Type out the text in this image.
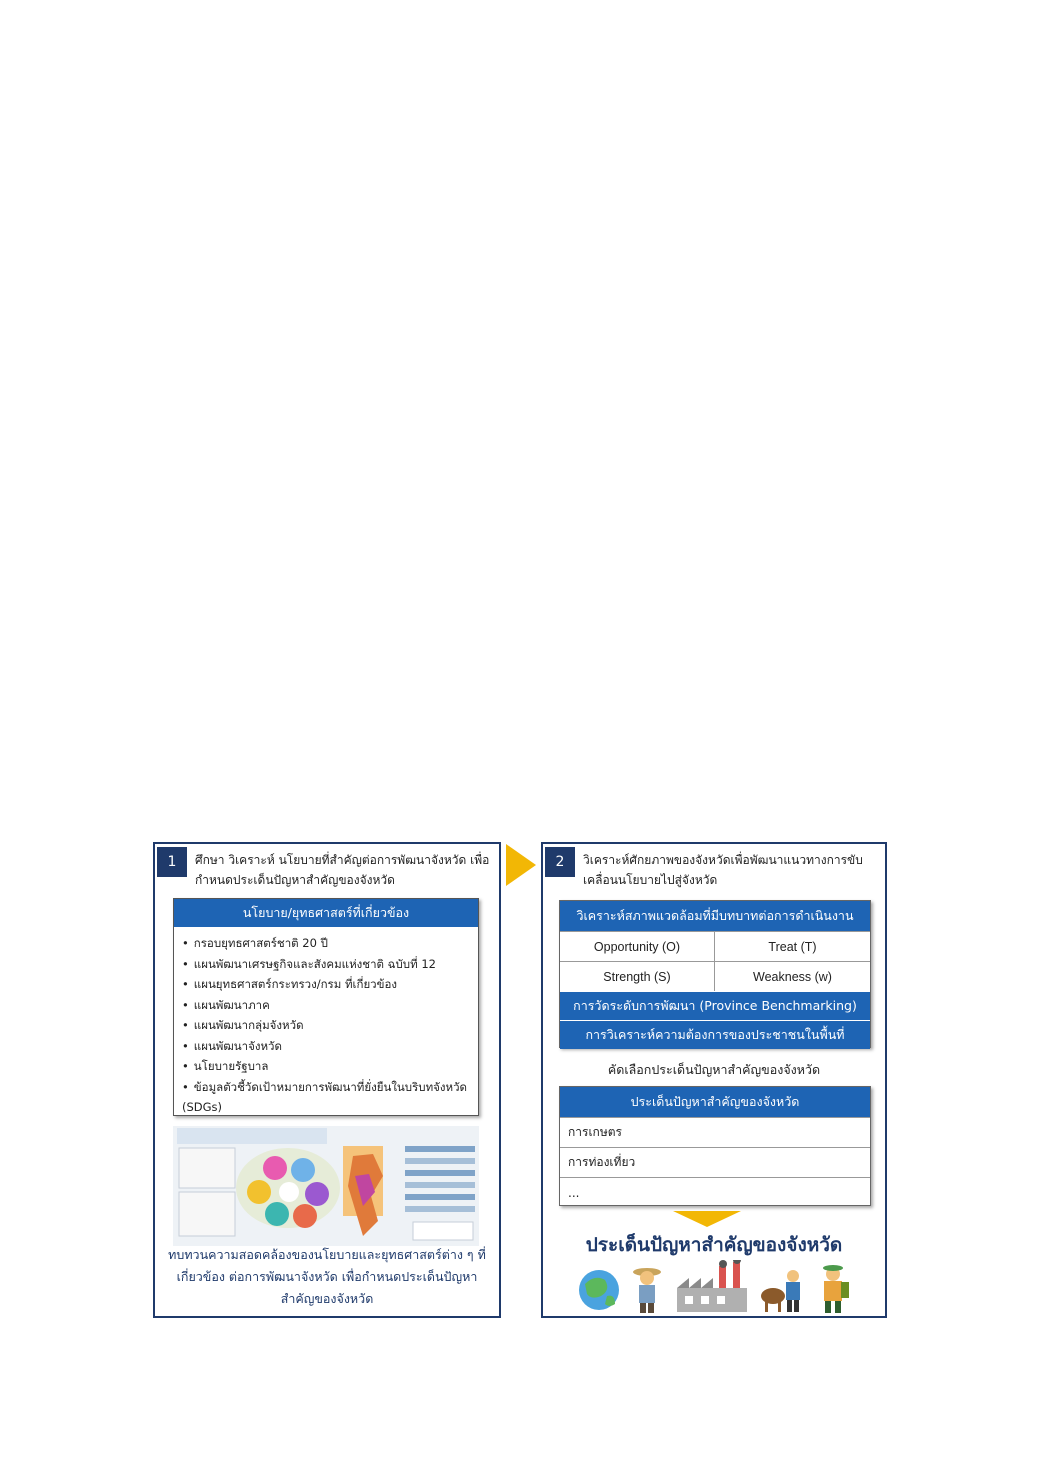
1	ศึกษา วิเคราะห์ นโยบายที่สำคัญต่อการพัฒนาจังหวัด เพื่อกำหนดประเด็นปัญหาสำคัญของจังหวัด
นโยบาย/ยุทธศาสตร์ที่เกี่ยวข้อง
• กรอบยุทธศาสตร์ชาติ 20 ปี
• แผนพัฒนาเศรษฐกิจและสังคมแห่งชาติ ฉบับที่ 12
• แผนยุทธศาสตร์กระทรวง/กรม ที่เกี่ยวข้อง
• แผนพัฒนาภาค
• แผนพัฒนากลุ่มจังหวัด
• แผนพัฒนาจังหวัด
• นโยบายรัฐบาล
• ข้อมูลตัวชี้วัดเป้าหมายการพัฒนาที่ยั่งยืนในบริบทจังหวัด (SDGs)
ทบทวนความสอดคล้องของนโยบายและยุทธศาสตร์ต่าง ๆ ที่เกี่ยวข้อง ต่อการพัฒนาจังหวัด เพื่อกำหนดประเด็นปัญหาสำคัญของจังหวัด
2	วิเคราะห์ศักยภาพของจังหวัดเพื่อพัฒนาแนวทางการขับเคลื่อนนโยบายไปสู่จังหวัด
วิเคราะห์สภาพแวดล้อมที่มีบทบาทต่อการดำเนินงาน
Opportunity (O)	Treat (T)
Strength (S)	Weakness (w)
การวัดระดับการพัฒนา (Province Benchmarking)
การวิเคราะห์ความต้องการของประชาชนในพื้นที่
คัดเลือกประเด็นปัญหาสำคัญของจังหวัด
ประเด็นปัญหาสำคัญของจังหวัด
การเกษตร
การท่องเที่ยว
...
ประเด็นปัญหาสำคัญของจังหวัด
